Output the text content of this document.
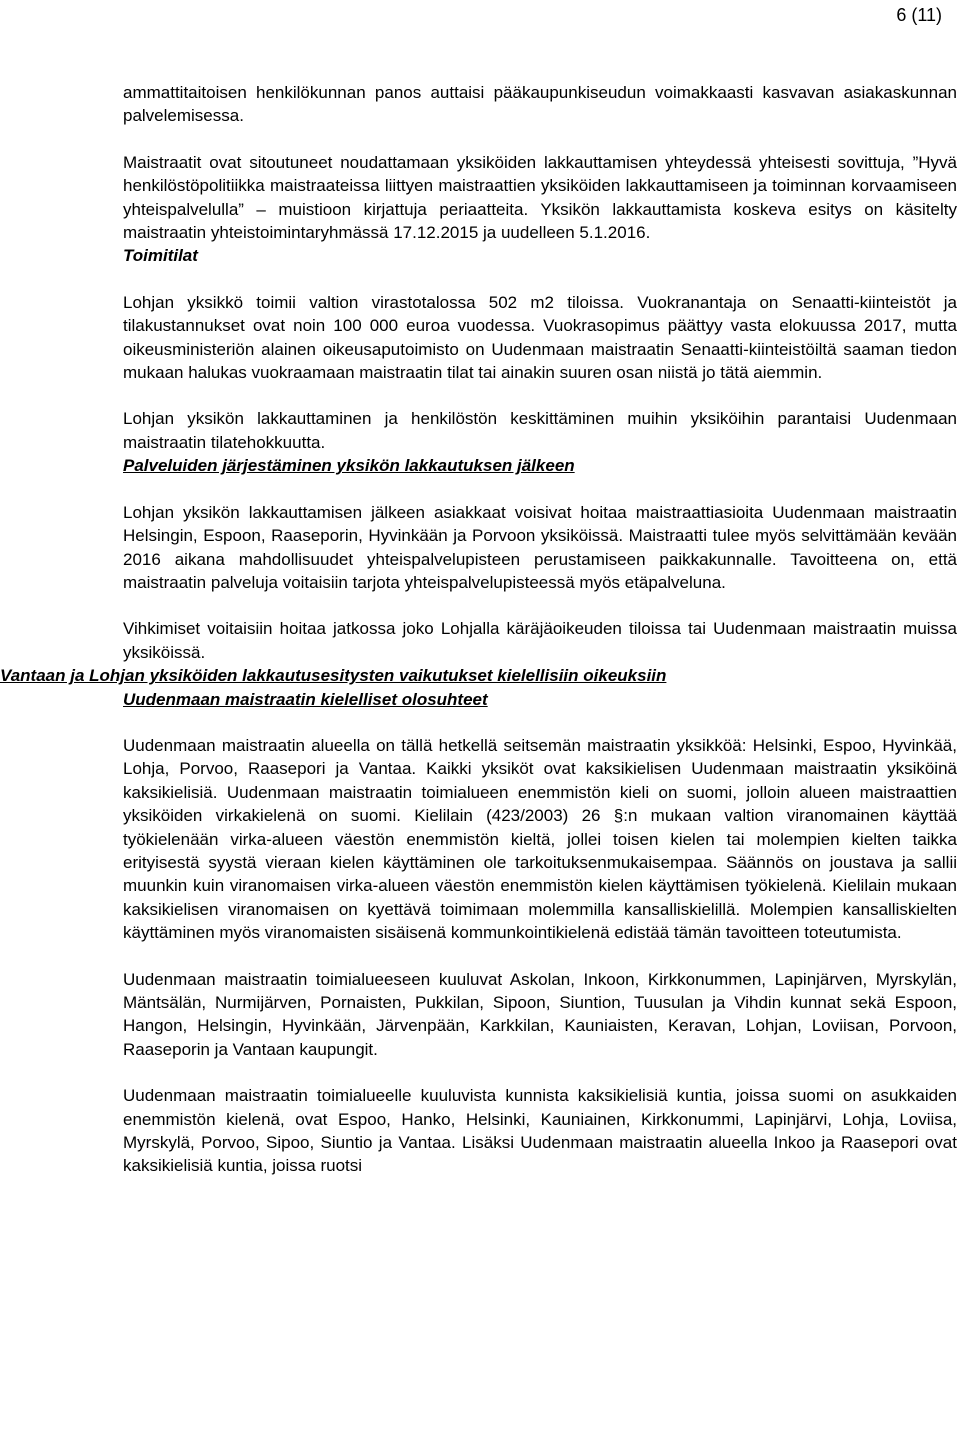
6 (11)

ammattitaitoisen henkilökunnan panos auttaisi pääkaupunkiseudun voimakkaasti kasvavan asiakaskunnan palvelemisessa.

Maistraatit ovat sitoutuneet noudattamaan yksiköiden lakkauttamisen yhteydessä yhteisesti sovittuja, ”Hyvä henkilöstöpolitiikka maistraateissa liittyen maistraattien yksiköiden lakkauttamiseen ja toiminnan korvaamiseen yhteispalvelulla” – muistioon kirjattuja periaatteita. Yksikön lakkauttamista koskeva esitys on käsitelty maistraatin yhteistoimintaryhmässä 17.12.2015 ja uudelleen 5.1.2016.

Toimitilat

Lohjan yksikkö toimii valtion virastotalossa 502 m2 tiloissa. Vuokranantaja on Senaatti-kiinteistöt ja tilakustannukset ovat noin 100 000 euroa vuodessa. Vuokrasopimus päättyy vasta elokuussa 2017, mutta oikeusministeriön alainen oikeusaputoimisto on Uudenmaan maistraatin Senaatti-kiinteistöiltä saaman tiedon mukaan halukas vuokraamaan maistraatin tilat tai ainakin suuren osan niistä jo tätä aiemmin.

Lohjan yksikön lakkauttaminen ja henkilöstön keskittäminen muihin yksiköihin parantaisi Uudenmaan maistraatin tilatehokkuutta.

Palveluiden järjestäminen yksikön lakkautuksen jälkeen

Lohjan yksikön lakkauttamisen jälkeen asiakkaat voisivat hoitaa maistraattiasioita Uudenmaan maistraatin Helsingin, Espoon, Raaseporin, Hyvinkään ja Porvoon yksiköissä. Maistraatti tulee myös selvittämään kevään 2016 aikana mahdollisuudet yhteispalvelupisteen perustamiseen paikkakunnalle. Tavoitteena on, että maistraatin palveluja voitaisiin tarjota yhteispalvelupisteessä myös etäpalveluna.

Vihkimiset voitaisiin hoitaa jatkossa joko Lohjalla käräjäoikeuden tiloissa tai Uudenmaan maistraatin muissa yksiköissä.

Vantaan ja Lohjan yksiköiden lakkautusesitysten vaikutukset kielellisiin oikeuksiin
Uudenmaan maistraatin kielelliset olosuhteet

Uudenmaan maistraatin alueella on tällä hetkellä seitsemän maistraatin yksikköä: Helsinki, Espoo, Hyvinkää, Lohja, Porvoo, Raasepori ja Vantaa. Kaikki yksiköt ovat kaksikielisen Uudenmaan maistraatin yksiköinä kaksikielisiä. Uudenmaan maistraatin toimialueen enemmistön kieli on suomi, jolloin alueen maistraattien yksiköiden virkakielenä on suomi. Kielilain (423/2003) 26 §:n mukaan valtion viranomainen käyttää työkielenään virka-alueen väestön enemmistön kieltä, jollei toisen kielen tai molempien kielten taikka erityisestä syystä vieraan kielen käyttäminen ole tarkoituksenmukaisempaa. Säännös on joustava ja sallii muunkin kuin viranomaisen virka-alueen väestön enemmistön kielen käyttämisen työkielenä. Kielilain mukaan kaksikielisen viranomaisen on kyettävä toimimaan molemmilla kansalliskielillä. Molempien kansalliskielten käyttäminen myös viranomaisten sisäisenä kommunkointikielenä edistää tämän tavoitteen toteutumista.

Uudenmaan maistraatin toimialueeseen kuuluvat Askolan, Inkoon, Kirkkonummen, Lapinjärven, Myrskylän, Mäntsälän, Nurmijärven, Pornaisten, Pukkilan, Sipoon, Siuntion, Tuusulan ja Vihdin kunnat sekä Espoon, Hangon, Helsingin, Hyvinkään, Järvenpään, Karkkilan, Kauniaisten, Keravan, Lohjan, Loviisan, Porvoon, Raaseporin ja Vantaan kaupungit.

Uudenmaan maistraatin toimialueelle kuuluvista kunnista kaksikielisiä kuntia, joissa suomi on asukkaiden enemmistön kielenä, ovat Espoo, Hanko, Helsinki, Kauniainen, Kirkkonummi, Lapinjärvi, Lohja, Loviisa, Myrskylä, Porvoo, Sipoo, Siuntio ja Vantaa. Lisäksi Uudenmaan maistraatin alueella Inkoo ja Raasepori ovat kaksikielisiä kuntia, joissa ruotsi
